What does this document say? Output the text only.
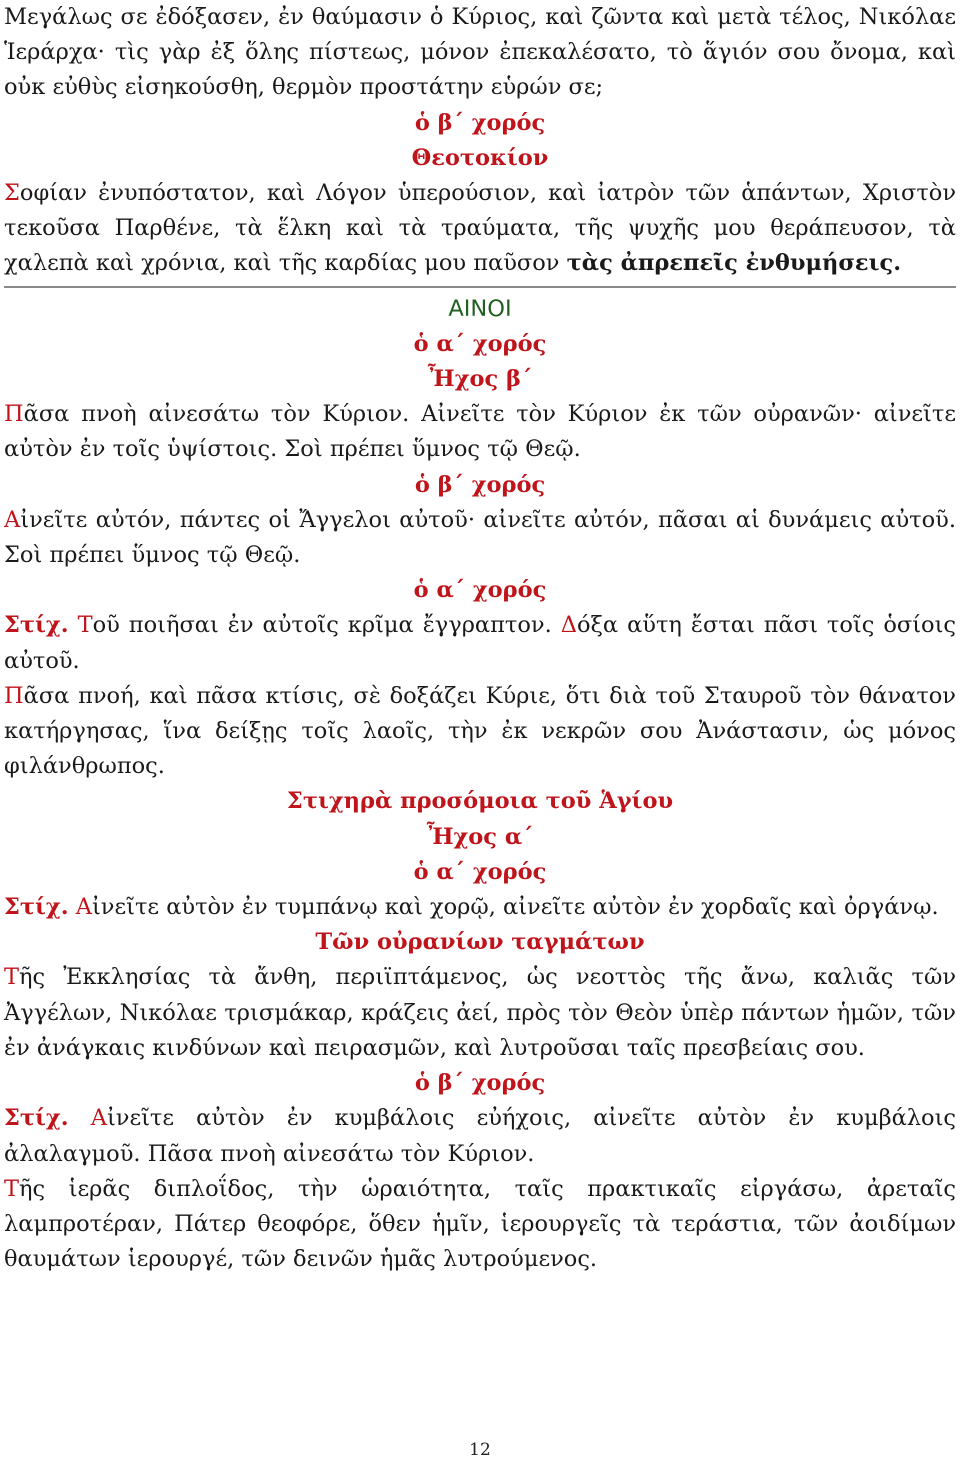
Μεγάλως σε ἐδόξασεν, ἐν θαύμασιν ὁ Κύριος, καὶ ζῶντα καὶ μετὰ τέλος, Νικόλαε Ἱεράρχα· τὶς γὰρ ἐξ ὅλης πίστεως, μόνον ἐπεκαλέσατο, τὸ ἅγιόν σου ὄνομα, καὶ οὐκ εὐθὺς εἰσηκούσθη, θερμὸν προστάτην εὑρών σε;

ὁ β΄ χορός
Θεοτοκίον

Σοφίαν ἐνυπόστατον, καὶ Λόγον ὑπερούσιον, καὶ ἰατρὸν τῶν ἁπάντων, Χριστὸν τεκοῦσα Παρθένε, τὰ ἕλκη καὶ τὰ τραύματα, τῆς ψυχῆς μου θεράπευσον, τὰ χαλεπὰ καὶ χρόνια, καὶ τῆς καρδίας μου παῦσον τὰς ἀπρεπεῖς ἐνθυμήσεις.

ΑΙΝΟΙ
ὁ α΄ χορός
Ἦχος β΄

Πᾶσα πνοὴ αἰνεσάτω τὸν Κύριον. Αἰνεῖτε τὸν Κύριον ἐκ τῶν οὐρανῶν· αἰνεῖτε αὐτὸν ἐν τοῖς ὑψίστοις. Σοὶ πρέπει ὕμνος τῷ Θεῷ.

ὁ β΄ χορός

Αἰνεῖτε αὐτόν, πάντες οἱ Ἄγγελοι αὐτοῦ· αἰνεῖτε αὐτόν, πᾶσαι αἱ δυνάμεις αὐτοῦ. Σοὶ πρέπει ὕμνος τῷ Θεῷ.

ὁ α΄ χορός

Στίχ. Τοῦ ποιῆσαι ἐν αὐτοῖς κρῖμα ἔγγραπτον. Δόξα αὕτη ἔσται πᾶσι τοῖς ὁσίοις αὐτοῦ.

Πᾶσα πνοή, καὶ πᾶσα κτίσις, σὲ δοξάζει Κύριε, ὅτι διὰ τοῦ Σταυροῦ τὸν θάνατον κατήργησας, ἵνα δείξῃς τοῖς λαοῖς, τὴν ἐκ νεκρῶν σου Ἀνάστασιν, ὡς μόνος φιλάνθρωπος.

Στιχηρὰ προσόμοια τοῦ Ἁγίου
Ἦχος α΄
ὁ α΄ χορός

Στίχ. Αἰνεῖτε αὐτὸν ἐν τυμπάνῳ καὶ χορῷ, αἰνεῖτε αὐτὸν ἐν χορδαῖς καὶ ὀργάνῳ.

Τῶν οὐρανίων ταγμάτων

Τῆς Ἐκκλησίας τὰ ἄνθη, περιϊπτάμενος, ὡς νεοττὸς τῆς ἄνω, καλιᾶς τῶν Ἀγγέλων, Νικόλαε τρισμάκαρ, κράζεις ἀεί, πρὸς τὸν Θεὸν ὑπὲρ πάντων ἡμῶν, τῶν ἐν ἀνάγκαις κινδύνων καὶ πειρασμῶν, καὶ λυτροῦσαι ταῖς πρεσβείαις σου.

ὁ β΄ χορός

Στίχ. Αἰνεῖτε αὐτὸν ἐν κυμβάλοις εὐήχοις, αἰνεῖτε αὐτὸν ἐν κυμβάλοις ἀλαλαγμοῦ. Πᾶσα πνοὴ αἰνεσάτω τὸν Κύριον.

Τῆς ἱερᾶς διπλοΐδος, τὴν ὡραιότητα, ταῖς πρακτικαῖς εἰργάσω, ἀρεταῖς λαμπροτέραν, Πάτερ θεοφόρε, ὅθεν ἡμῖν, ἱερουργεῖς τὰ τεράστια, τῶν ἀοιδίμων θαυμάτων ἱερουργέ, τῶν δεινῶν ἡμᾶς λυτρούμενος.

12
